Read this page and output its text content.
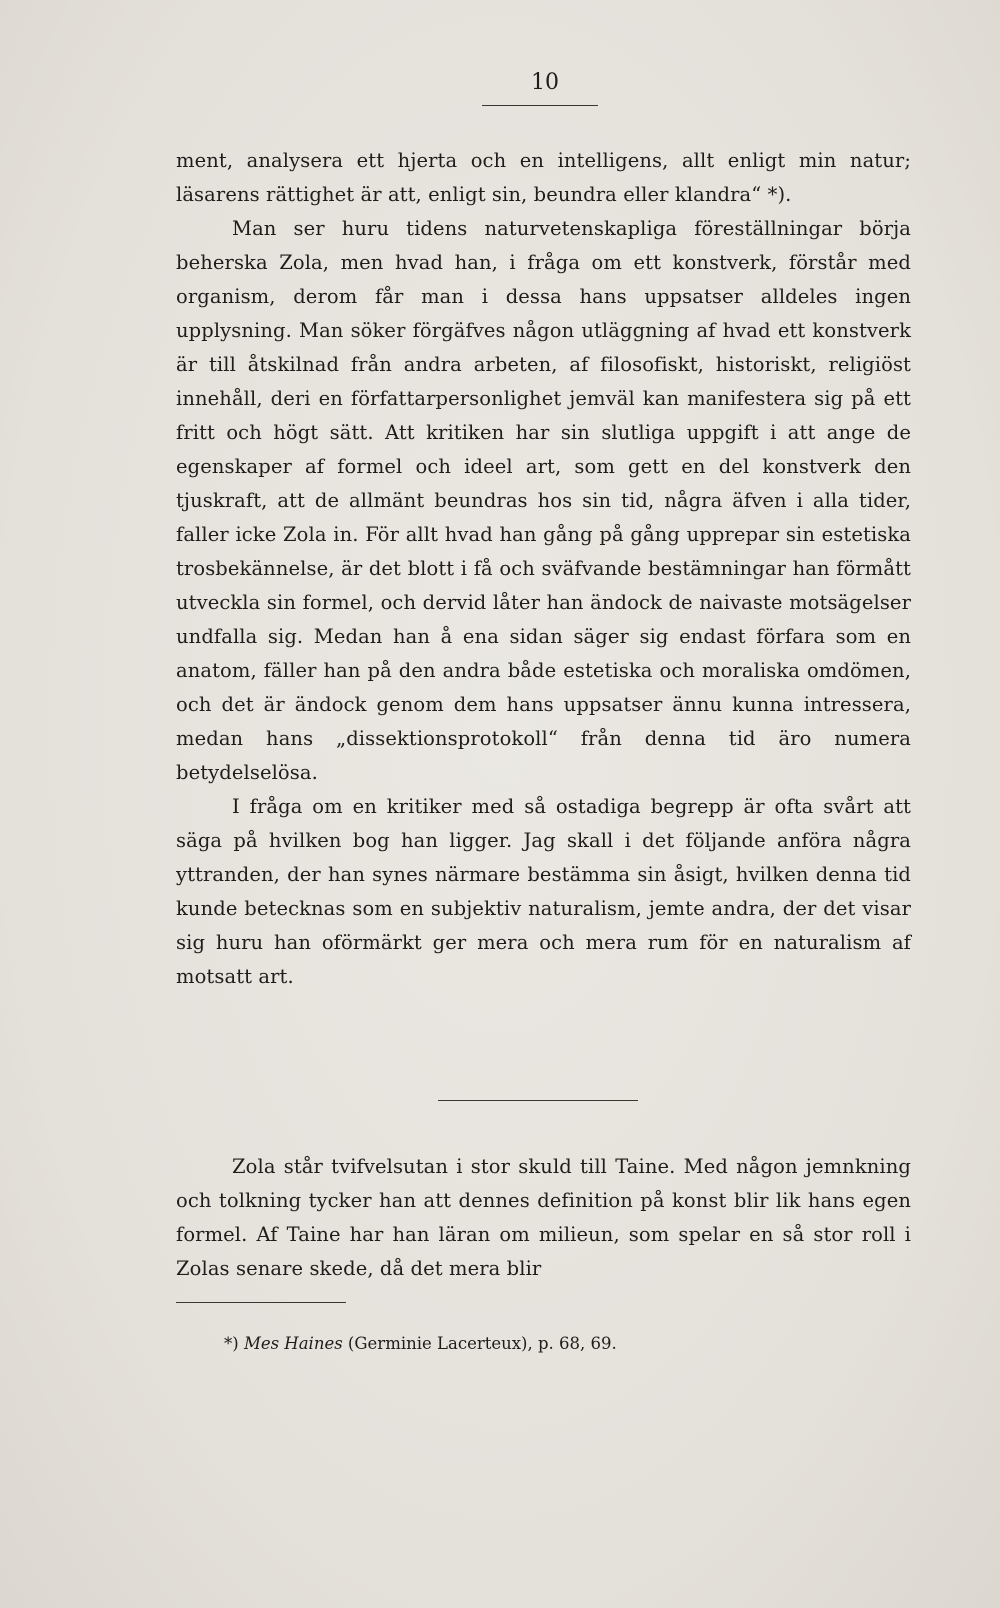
10

ment, analysera ett hjerta och en intelligens, allt enligt min natur; läsarens rättighet är att, enligt sin, beundra eller klandra“ *).

Man ser huru tidens naturvetenskapliga föreställningar börja beherska Zola, men hvad han, i fråga om ett konstverk, förstår med organism, derom får man i dessa hans uppsatser alldeles ingen upplysning. Man söker förgäfves någon utläggning af hvad ett konstverk är till åtskilnad från andra arbeten, af filosofiskt, historiskt, religiöst innehåll, deri en författarpersonlighet jemväl kan manifestera sig på ett fritt och högt sätt. Att kritiken har sin slutliga uppgift i att ange de egenskaper af formel och ideel art, som gett en del konstverk den tjuskraft, att de allmänt beundras hos sin tid, några äfven i alla tider, faller icke Zola in. För allt hvad han gång på gång upprepar sin estetiska trosbekännelse, är det blott i få och sväfvande bestämningar han förmått utveckla sin formel, och dervid låter han ändock de naivaste motsägelser undfalla sig. Medan han å ena sidan säger sig endast förfara som en anatom, fäller han på den andra både estetiska och moraliska omdömen, och det är ändock genom dem hans uppsatser ännu kunna intressera, medan hans „dissektionsprotokoll“ från denna tid äro numera betydelselösa.

I fråga om en kritiker med så ostadiga begrepp är ofta svårt att säga på hvilken bog han ligger. Jag skall i det följande anföra några yttranden, der han synes närmare bestämma sin åsigt, hvilken denna tid kunde betecknas som en subjektiv naturalism, jemte andra, der det visar sig huru han oförmärkt ger mera och mera rum för en naturalism af motsatt art.

Zola står tvifvelsutan i stor skuld till Taine. Med någon jemnkning och tolkning tycker han att dennes definition på konst blir lik hans egen formel. Af Taine har han läran om milieun, som spelar en så stor roll i Zolas senare skede, då det mera blir

*) Mes Haines (Germinie Lacerteux), p. 68, 69.
